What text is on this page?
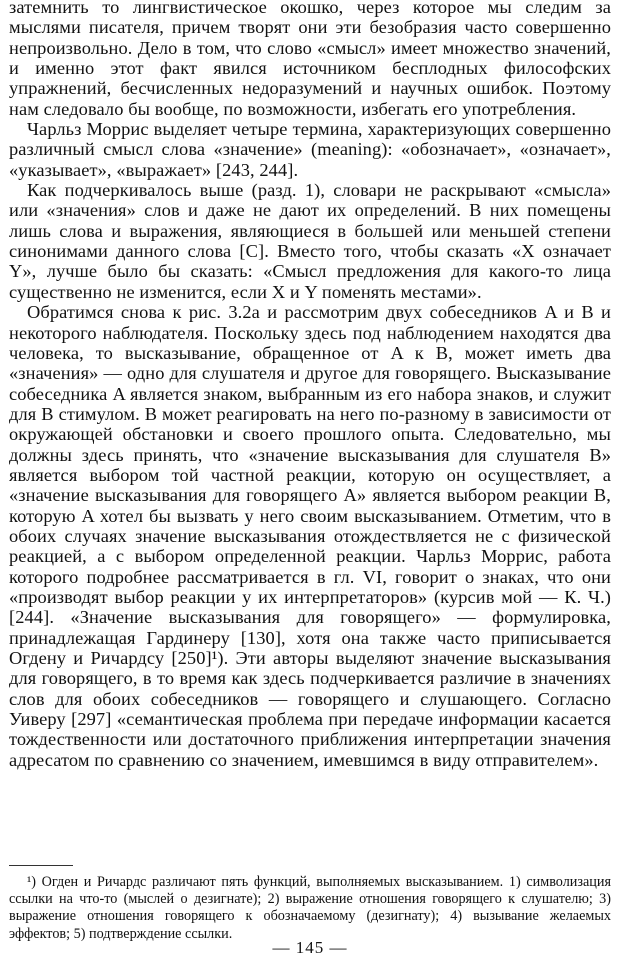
затемнить то лингвистическое окошко, через которое мы следим за мыслями писателя, причем творят они эти безобразия часто совершенно непроизвольно. Дело в том, что слово «смысл» имеет множество значений, и именно этот факт явился источником бесплодных философских упражнений, бесчисленных недоразумений и научных ошибок. Поэтому нам следовало бы вообще, по возможности, избегать его употребления.

Чарльз Моррис выделяет четыре термина, характеризующих совершенно различный смысл слова «значение» (meaning): «обозначает», «означает», «указывает», «выражает» [243, 244].

Как подчеркивалось выше (разд. 1), словари не раскрывают «смысла» или «значения» слов и даже не дают их определений. В них помещены лишь слова и выражения, являющиеся в большей или меньшей степени синонимами данного слова [С]. Вместо того, чтобы сказать «X означает Y», лучше было бы сказать: «Смысл предложения для какого-то лица существенно не изменится, если X и Y поменять местами».

Обратимся снова к рис. 3.2а и рассмотрим двух собеседников A и B и некоторого наблюдателя. Поскольку здесь под наблюдением находятся два человека, то высказывание, обращенное от A к B, может иметь два «значения» — одно для слушателя и другое для говорящего. Высказывание собеседника A является знаком, выбранным из его набора знаков, и служит для B стимулом. B может реагировать на него по-разному в зависимости от окружающей обстановки и своего прошлого опыта. Следовательно, мы должны здесь принять, что «значение высказывания для слушателя B» является выбором той частной реакции, которую он осуществляет, а «значение высказывания для говорящего A» является выбором реакции B, которую A хотел бы вызвать у него своим высказыванием. Отметим, что в обоих случаях значение высказывания отождествляется не с физической реакцией, а с выбором определенной реакции. Чарльз Моррис, работа которого подробнее рассматривается в гл. VI, говорит о знаках, что они «производят выбор реакции у их интерпретаторов» (курсив мой — К. Ч.) [244]. «Значение высказывания для говорящего» — формулировка, принадлежащая Гардинеру [130], хотя она также часто приписывается Огдену и Ричардсу [250]¹). Эти авторы выделяют значение высказывания для говорящего, в то время как здесь подчеркивается различие в значениях слов для обоих собеседников — говорящего и слушающего. Согласно Уиверу [297] «семантическая проблема при передаче информации касается тождественности или достаточного приближения интерпретации значения адресатом по сравнению со значением, имевшимся в виду отправителем».

¹) Огден и Ричардс различают пять функций, выполняемых высказыванием. 1) символизация ссылки на что-то (мыслей о дезигнате); 2) выражение отношения говорящего к слушателю; 3) выражение отношения говорящего к обозначаемому (дезигнату); 4) вызывание желаемых эффектов; 5) подтверждение ссылки.

— 145 —
